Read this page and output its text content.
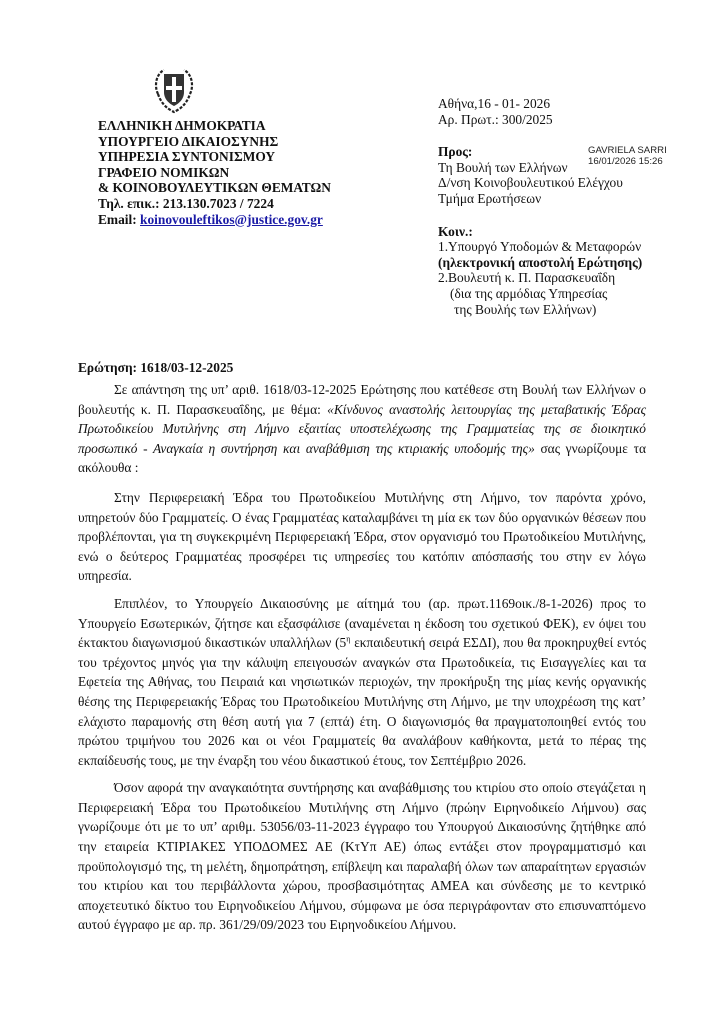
ΕΛΛΗΝΙΚΗ ΔΗΜΟΚΡΑΤΙΑ
ΥΠΟΥΡΓΕΙΟ ΔΙΚΑΙΟΣΥΝΗΣ
ΥΠΗΡΕΣΙΑ ΣΥΝΤΟΝΙΣΜΟΥ
ΓΡΑΦΕΙΟ ΝΟΜΙΚΩΝ
& ΚΟΙΝΟΒΟΥΛΕΥΤΙΚΩΝ ΘΕΜΑΤΩΝ
Τηλ. επικ.: 213.130.7023 / 7224
Email: koinovouleftikos@justice.gov.gr
Αθήνα,16 - 01- 2026
Αρ. Πρωτ.: 300/2025
Προς:
Τη Βουλή των Ελλήνων
Δ/νση Κοινοβουλευτικού Ελέγχου
Τμήμα Ερωτήσεων
Κοιν.:
1.Υπουργό Υποδομών & Μεταφορών
(ηλεκτρονική αποστολή Ερώτησης)
2.Βουλευτή κ. Π. Παρασκευαΐδη
(δια της αρμόδιας Υπηρεσίας
της Βουλής των Ελλήνων)
GAVRIELA SARRI
16/01/2026 15:26
Ερώτηση: 1618/03-12-2025

Σε απάντηση της υπ’ αριθ. 1618/03-12-2025 Ερώτησης που κατέθεσε στη Βουλή των Ελλήνων ο βουλευτής κ. Π. Παρασκευαΐδης, με θέμα: «Κίνδυνος αναστολής λειτουργίας της μεταβατικής Έδρας Πρωτοδικείου Μυτιλήνης στη Λήμνο εξαιτίας υποστελέχωσης της Γραμματείας της σε διοικητικό προσωπικό - Αναγκαία η συντήρηση και αναβάθμιση της κτιριακής υποδομής της» σας γνωρίζουμε τα ακόλουθα :

Στην Περιφερειακή Έδρα του Πρωτοδικείου Μυτιλήνης στη Λήμνο, τον παρόντα χρόνο, υπηρετούν δύο Γραμματείς. Ο ένας Γραμματέας καταλαμβάνει τη μία εκ των δύο οργανικών θέσεων που προβλέπονται, για τη συγκεκριμένη Περιφερειακή Έδρα, στον οργανισμό του Πρωτοδικείου Μυτιλήνης, ενώ ο δεύτερος Γραμματέας προσφέρει τις υπηρεσίες του κατόπιν απόσπασής του στην εν λόγω υπηρεσία.

Επιπλέον, το Υπουργείο Δικαιοσύνης με αίτημά του (αρ. πρωτ.1169οικ./8-1-2026) προς το Υπουργείο Εσωτερικών, ζήτησε και εξασφάλισε (αναμένεται η έκδοση του σχετικού ΦΕΚ), εν όψει του έκτακτου διαγωνισμού δικαστικών υπαλλήλων ($5^\eta$ εκπαιδευτική σειρά ΕΣΔΙ), που θα προκηρυχθεί εντός του τρέχοντος μηνός για την κάλυψη επειγουσών αναγκών στα Πρωτοδικεία, τις Εισαγγελίες και τα Εφετεία της Αθήνας, του Πειραιά και νησιωτικών περιοχών, την προκήρυξη της μίας κενής οργανικής θέσης της Περιφερειακής Έδρας του Πρωτοδικείου Μυτιλήνης στη Λήμνο, με την υποχρέωση της κατ’ ελάχιστο παραμονής στη θέση αυτή για 7 (επτά) έτη. Ο διαγωνισμός θα πραγματοποιηθεί εντός του πρώτου τριμήνου του 2026 και οι νέοι Γραμματείς θα αναλάβουν καθήκοντα, μετά το πέρας της εκπαίδευσής τους, με την έναρξη του νέου δικαστικού έτους, τον Σεπτέμβριο 2026.

Όσον αφορά την αναγκαιότητα συντήρησης και αναβάθμισης του κτιρίου στο οποίο στεγάζεται η Περιφερειακή Έδρα του Πρωτοδικείου Μυτιλήνης στη Λήμνο (πρώην Ειρηνοδικείο Λήμνου) σας γνωρίζουμε ότι με το υπ’ αριθμ. 53056/03-11-2023 έγγραφο του Υπουργού Δικαιοσύνης ζητήθηκε από την εταιρεία ΚΤΙΡΙΑΚΕΣ ΥΠΟΔΟΜΕΣ ΑΕ (ΚτΥπ ΑΕ) όπως εντάξει στον προγραμματισμό και προϋπολογισμό της, τη μελέτη, δημοπράτηση, επίβλεψη και παραλαβή όλων των απαραίτητων εργασιών του κτιρίου και του περιβάλλοντα χώρου, προσβασιμότητας ΑΜΕΑ και σύνδεσης με το κεντρικό αποχετευτικό δίκτυο του Ειρηνοδικείου Λήμνου, σύμφωνα με όσα περιγράφονταν στο επισυναπτόμενο αυτού έγγραφο με αρ. πρ. 361/29/09/2023 του Ειρηνοδικείου Λήμνου.
